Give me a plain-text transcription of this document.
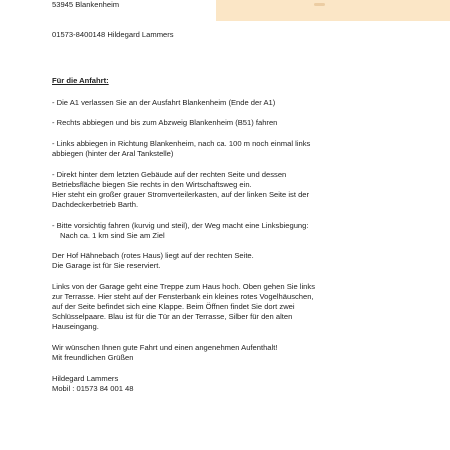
53945 Blankenheim

01573-8400148 Hildegard Lammers

Für die Anfahrt:

- Die A1 verlassen Sie an der Ausfahrt Blankenheim (Ende der A1)

- Rechts abbiegen und bis zum Abzweig Blankenheim (B51) fahren

- Links abbiegen in Richtung Blankenheim, nach ca. 100 m noch einmal links

abbiegen (hinter der Aral Tankstelle)

- Direkt hinter dem letzten Gebäude auf der rechten Seite und dessen

Betriebsfläche biegen Sie rechts in den Wirtschaftsweg ein.

Hier steht ein großer grauer Stromverteilerkasten, auf der linken Seite ist der

Dachdeckerbetrieb Barth.

- Bitte vorsichtig fahren (kurvig und steil), der Weg macht eine Linksbiegung:

Nach ca. 1 km sind Sie am Ziel

Der Hof Hähnebach (rotes Haus) liegt auf der rechten Seite.

Die Garage ist für Sie reserviert.

Links von der Garage geht eine Treppe zum Haus hoch. Oben gehen Sie links

zur Terrasse. Hier steht auf der Fensterbank ein kleines rotes Vogelhäuschen,

auf der Seite befindet sich eine Klappe. Beim Öffnen findet Sie dort zwei

Schlüsselpaare. Blau ist für die Tür an der Terrasse, Silber für den alten

Hauseingang.

Wir wünschen Ihnen gute Fahrt und einen angenehmen Aufenthalt!

Mit freundlichen Grüßen

Hildegard Lammers

Mobil : 01573 84 001 48
